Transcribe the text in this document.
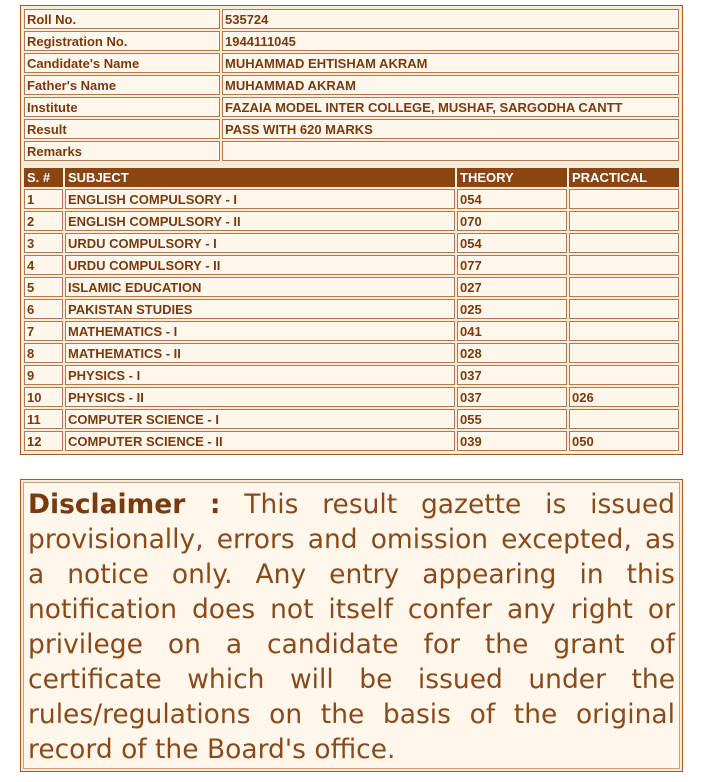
Roll No.	535724
Registration No.	1944111045
Candidate's Name	MUHAMMAD EHTISHAM AKRAM
Father's Name	MUHAMMAD AKRAM
Institute	FAZAIA MODEL INTER COLLEGE, MUSHAF, SARGODHA CANTT
Result	PASS WITH 620 MARKS
Remarks	
S. #	SUBJECT	THEORY	PRACTICAL
1	ENGLISH COMPULSORY - I	054	
2	ENGLISH COMPULSORY - II	070	
3	URDU COMPULSORY - I	054	
4	URDU COMPULSORY - II	077	
5	ISLAMIC EDUCATION	027	
6	PAKISTAN STUDIES	025	
7	MATHEMATICS - I	041	
8	MATHEMATICS - II	028	
9	PHYSICS - I	037	
10	PHYSICS - II	037	026
11	COMPUTER SCIENCE - I	055	
12	COMPUTER SCIENCE - II	039	050

Disclaimer : This result gazette is issued provisionally, errors and omission excepted, as a notice only. Any entry appearing in this notification does not itself confer any right or privilege on a candidate for the grant of certificate which will be issued under the rules/regulations on the basis of the original record of the Board's office.
